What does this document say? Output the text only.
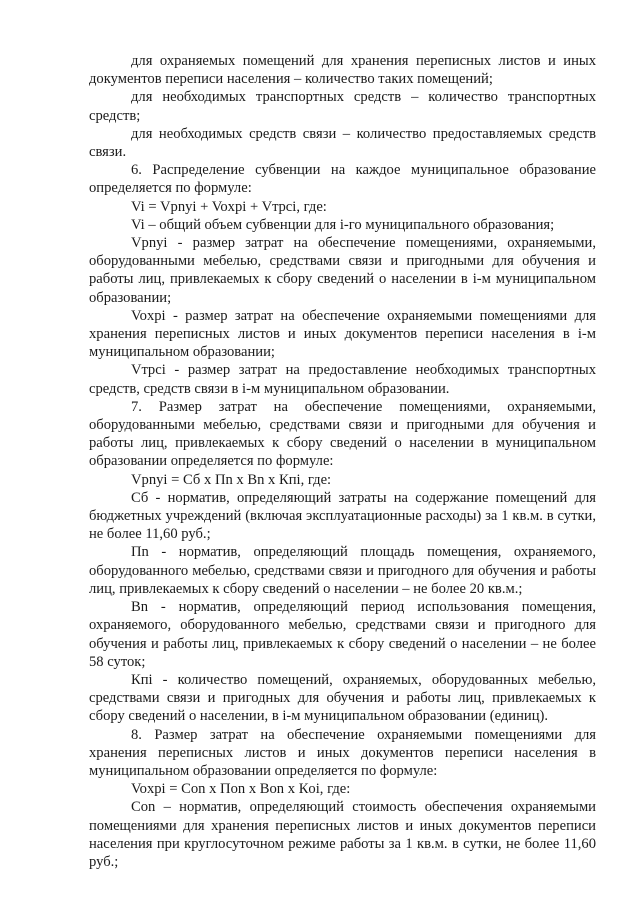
для охраняемых помещений для хранения переписных листов и иных документов переписи населения – количество таких помещений;

для необходимых транспортных средств – количество транспортных средств;

для необходимых средств связи – количество предоставляемых средств связи.

6. Распределение субвенции на каждое муниципальное образование определяется по формуле:

Vi = Vpnyi + Voxpi + Vтpci, где:

Vi – общий объем субвенции для i-го муниципального образования;

Vpnyi - размер затрат на обеспечение помещениями, охраняемыми, оборудованными мебелью, средствами связи и пригодными для обучения и работы лиц, привлекаемых к сбору сведений о населении в i-м муниципальном образовании;

Voxpi - размер затрат на обеспечение охраняемыми помещениями для хранения переписных листов и иных документов переписи населения в i-м муниципальном образовании;

Vтpci - размер затрат на предоставление необходимых транспортных средств, средств связи в i-м муниципальном образовании.

7. Размер затрат на обеспечение помещениями, охраняемыми, оборудованными мебелью, средствами связи и пригодными для обучения и работы лиц, привлекаемых к сбору сведений о населении в муниципальном образовании определяется по формуле:

Vpnyi = Сб х Пn х Вn х Кпi, где:

Сб - норматив, определяющий затраты на содержание помещений для бюджетных учреждений (включая эксплуатационные расходы) за 1 кв.м. в сутки, не более 11,60 руб.;

Пn - норматив, определяющий площадь помещения, охраняемого, оборудованного мебелью, средствами связи и пригодного для обучения и работы лиц, привлекаемых к сбору сведений о населении – не более 20 кв.м.;

Вn - норматив, определяющий период использования помещения, охраняемого, оборудованного мебелью, средствами связи и пригодного для обучения и работы лиц, привлекаемых к сбору сведений о населении – не более 58 суток;

Кпi - количество помещений, охраняемых, оборудованных мебелью, средствами связи и пригодных для обучения и работы лиц, привлекаемых к сбору сведений о населении, в i-м муниципальном образовании (единиц).

8. Размер затрат на обеспечение охраняемыми помещениями для хранения переписных листов и иных документов переписи населения в муниципальном образовании определяется по формуле:

Voxpi = Con х Пon х Вon х Кoi, где:

Con – норматив, определяющий стоимость обеспечения охраняемыми помещениями для хранения переписных листов и иных документов переписи населения при круглосуточном режиме работы за 1 кв.м. в сутки, не более 11,60 руб.;
